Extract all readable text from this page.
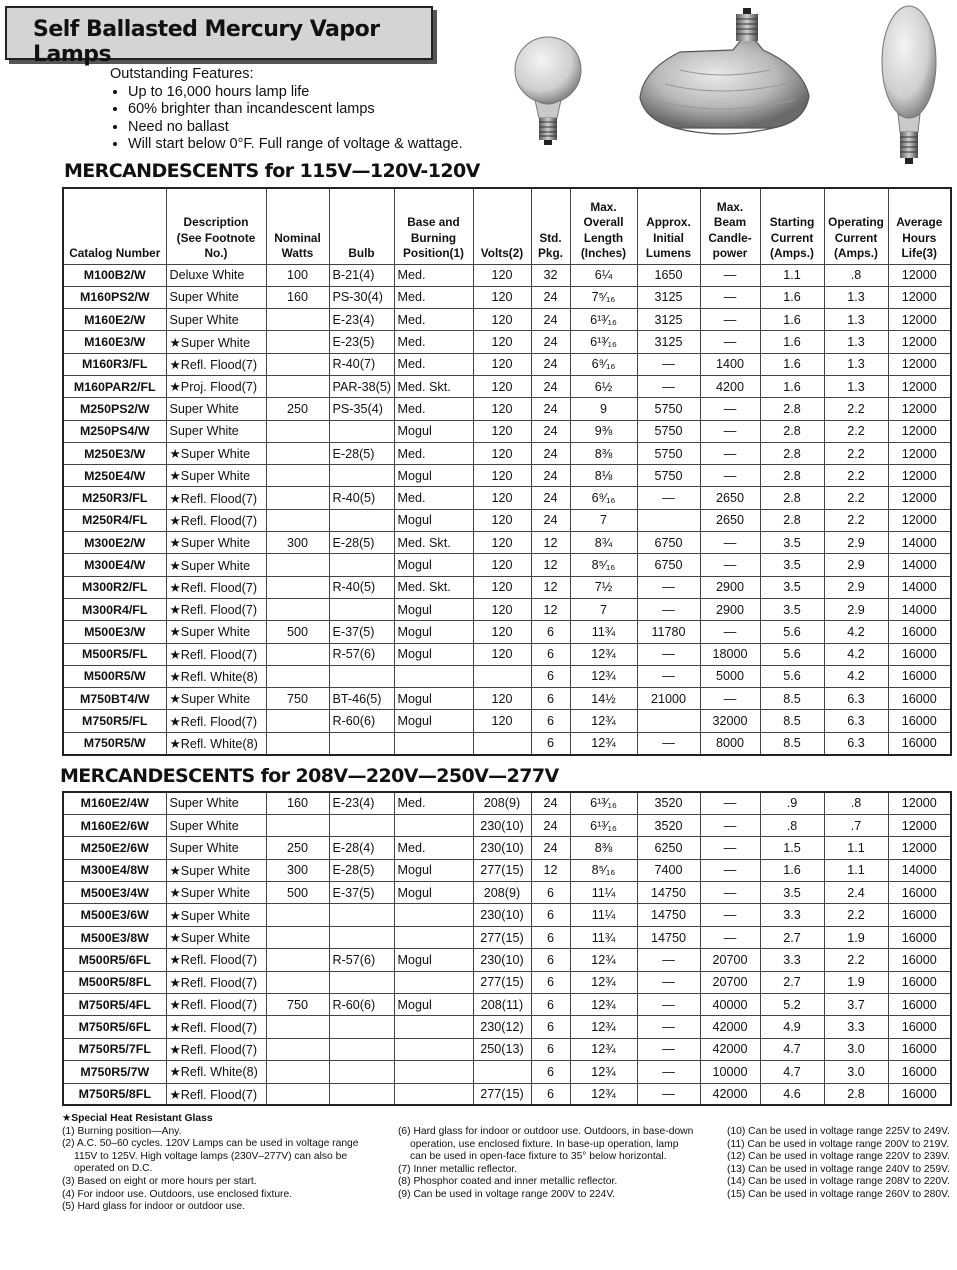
Self Ballasted Mercury Vapor Lamps
Outstanding Features:
• Up to 16,000 hours lamp life
• 60% brighter than incandescent lamps
• Need no ballast
• Will start below 0°F. Full range of voltage & wattage.
MERCANDESCENTS for 115V—120V-120V
Catalog Number	Description (See Footnote No.)	Nominal Watts	Bulb	Base and Burning Position(1)	Volts(2)	Std. Pkg.	Max. Overall Length (Inches)	Approx. Initial Lumens	Max. Beam Candle-power	Starting Current (Amps.)	Operating Current (Amps.)	Average Hours Life(3)
M100B2/W	Deluxe White	100	B-21(4)	Med.	120	32	6¼	1650	—	1.1	.8	12000
M160PS2/W	Super White	160	PS-30(4)	Med.	120	24	7⁵⁄₁₆	3125	—	1.6	1.3	12000
M160E2/W	Super White		E-23(4)	Med.	120	24	6¹³⁄₁₆	3125	—	1.6	1.3	12000
M160E3/W	★Super White		E-23(5)	Med.	120	24	6¹³⁄₁₆	3125	—	1.6	1.3	12000
M160R3/FL	★Refl. Flood(7)		R-40(7)	Med.	120	24	6⁹⁄₁₆	—	1400	1.6	1.3	12000
M160PAR2/FL	★Proj. Flood(7)		PAR-38(5)	Med. Skt.	120	24	6½	—	4200	1.6	1.3	12000
M250PS2/W	Super White	250	PS-35(4)	Med.	120	24	9	5750	—	2.8	2.2	12000
M250PS4/W	Super White			Mogul	120	24	9⅜	5750	—	2.8	2.2	12000
M250E3/W	★Super White		E-28(5)	Med.	120	24	8⅜	5750	—	2.8	2.2	12000
M250E4/W	★Super White			Mogul	120	24	8⅛	5750	—	2.8	2.2	12000
M250R3/FL	★Refl. Flood(7)		R-40(5)	Med.	120	24	6⁹⁄₁₆	—	2650	2.8	2.2	12000
M250R4/FL	★Refl. Flood(7)			Mogul	120	24	7		2650	2.8	2.2	12000
M300E2/W	★Super White	300	E-28(5)	Med. Skt.	120	12	8¾	6750	—	3.5	2.9	14000
M300E4/W	★Super White			Mogul	120	12	8⁵⁄₁₆	6750	—	3.5	2.9	14000
M300R2/FL	★Refl. Flood(7)		R-40(5)	Med. Skt.	120	12	7½	—	2900	3.5	2.9	14000
M300R4/FL	★Refl. Flood(7)			Mogul	120	12	7	—	2900	3.5	2.9	14000
M500E3/W	★Super White	500	E-37(5)	Mogul	120	6	11¾	11780	—	5.6	4.2	16000
M500R5/FL	★Refl. Flood(7)		R-57(6)	Mogul	120	6	12¾	—	18000	5.6	4.2	16000
M500R5/W	★Refl. White(8)					6	12¾	—	5000	5.6	4.2	16000
M750BT4/W	★Super White	750	BT-46(5)	Mogul	120	6	14½	21000	—	8.5	6.3	16000
M750R5/FL	★Refl. Flood(7)		R-60(6)	Mogul	120	6	12¾		32000	8.5	6.3	16000
M750R5/W	★Refl. White(8)					6	12¾	—	8000	8.5	6.3	16000
MERCANDESCENTS for 208V—220V—250V—277V
M160E2/4W	Super White	160	E-23(4)	Med.	208(9)	24	6¹³⁄₁₆	3520	—	.9	.8	12000
M160E2/6W	Super White				230(10)	24	6¹³⁄₁₆	3520	—	.8	.7	12000
M250E2/6W	Super White	250	E-28(4)	Med.	230(10)	24	8⅜	6250	—	1.5	1.1	12000
M300E4/8W	★Super White	300	E-28(5)	Mogul	277(15)	12	8⁵⁄₁₆	7400	—	1.6	1.1	14000
M500E3/4W	★Super White	500	E-37(5)	Mogul	208(9)	6	11¼	14750	—	3.5	2.4	16000
M500E3/6W	★Super White				230(10)	6	11¼	14750	—	3.3	2.2	16000
M500E3/8W	★Super White				277(15)	6	11¾	14750	—	2.7	1.9	16000
M500R5/6FL	★Refl. Flood(7)		R-57(6)	Mogul	230(10)	6	12¾	—	20700	3.3	2.2	16000
M500R5/8FL	★Refl. Flood(7)				277(15)	6	12¾	—	20700	2.7	1.9	16000
M750R5/4FL	★Refl. Flood(7)	750	R-60(6)	Mogul	208(11)	6	12¾	—	40000	5.2	3.7	16000
M750R5/6FL	★Refl. Flood(7)				230(12)	6	12¾	—	42000	4.9	3.3	16000
M750R5/7FL	★Refl. Flood(7)				250(13)	6	12¾	—	42000	4.7	3.0	16000
M750R5/7W	★Refl. White(8)					6	12¾	—	10000	4.7	3.0	16000
M750R5/8FL	★Refl. Flood(7)				277(15)	6	12¾	—	42000	4.6	2.8	16000

★Special Heat Resistant Glass

(1) Burning position—Any.

(2) A.C. 50–60 cycles. 120V Lamps can be used in voltage range

115V to 125V. High voltage lamps (230V–277V) can also be

operated on D.C.

(3) Based on eight or more hours per start.

(4) For indoor use. Outdoors, use enclosed fixture.

(5) Hard glass for indoor or outdoor use.

(6) Hard glass for indoor or outdoor use. Outdoors, in base-down

operation, use enclosed fixture. In base-up operation, lamp

can be used in open-face fixture to 35° below horizontal.

(7) Inner metallic reflector.

(8) Phosphor coated and inner metallic reflector.

(9) Can be used in voltage range 200V to 224V.

(10) Can be used in voltage range 225V to 249V.

(11) Can be used in voltage range 200V to 219V.

(12) Can be used in voltage range 220V to 239V.

(13) Can be used in voltage range 240V to 259V.

(14) Can be used in voltage range 208V to 220V.

(15) Can be used in voltage range 260V to 280V.
